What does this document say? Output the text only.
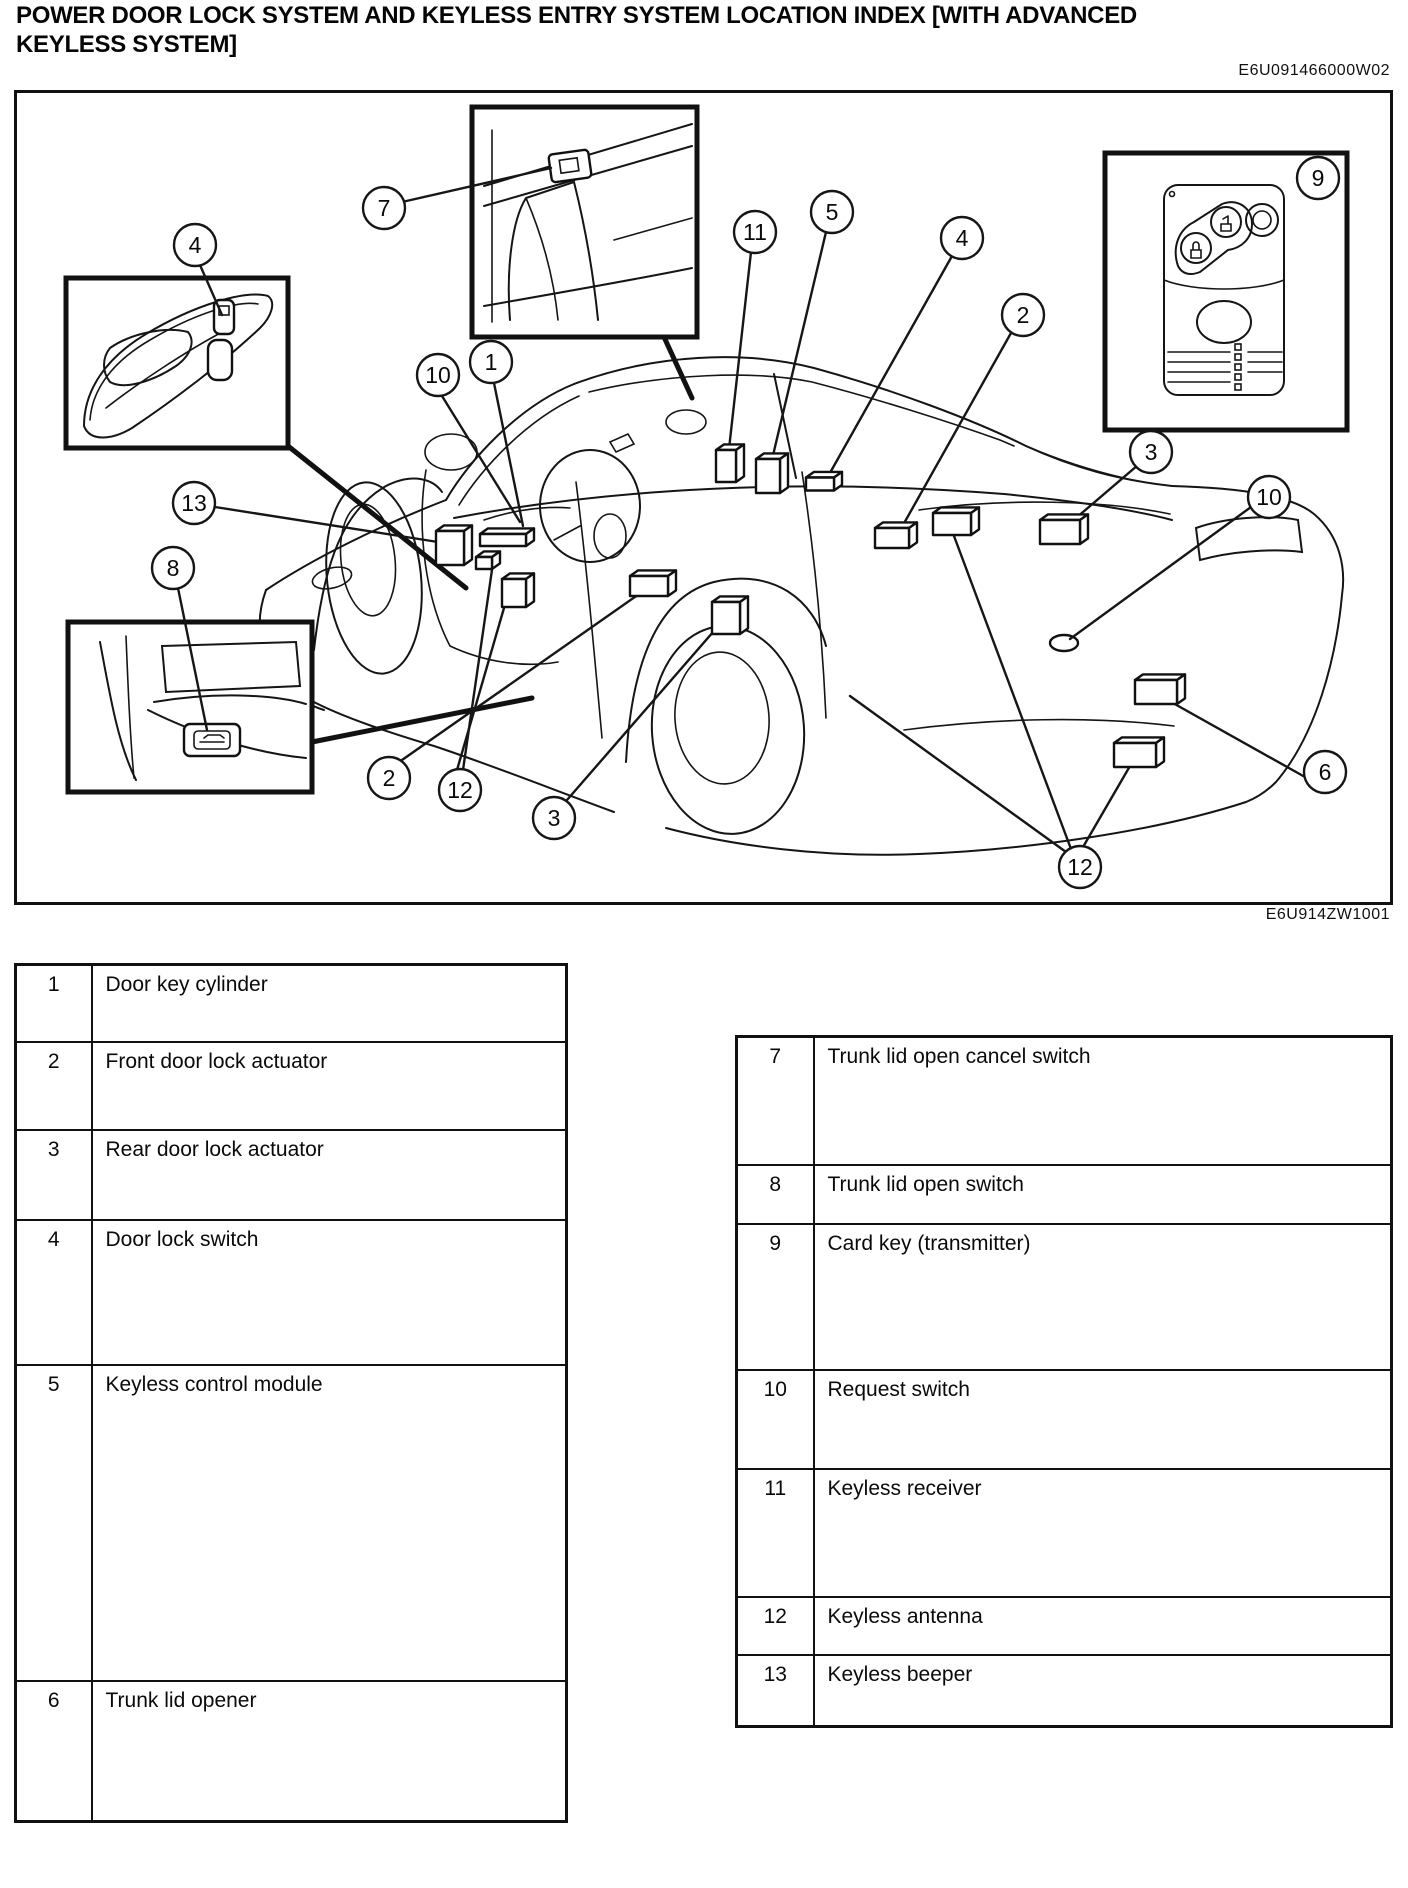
POWER DOOR LOCK SYSTEM AND KEYLESS ENTRY SYSTEM LOCATION INDEX [WITH ADVANCED KEYLESS SYSTEM]
E6U091466000W02
7
4
10 1
11
5
4
2
9
3
10
13
8
2 12
3
6
12
E6U914ZW1001
1	Door key cylinder
2	Front door lock actuator
3	Rear door lock actuator
4	Door lock switch
5	Keyless control module
6	Trunk lid opener
7	Trunk lid open cancel switch
8	Trunk lid open switch
9	Card key (transmitter)
10	Request switch
11	Keyless receiver
12	Keyless antenna
13	Keyless beeper
